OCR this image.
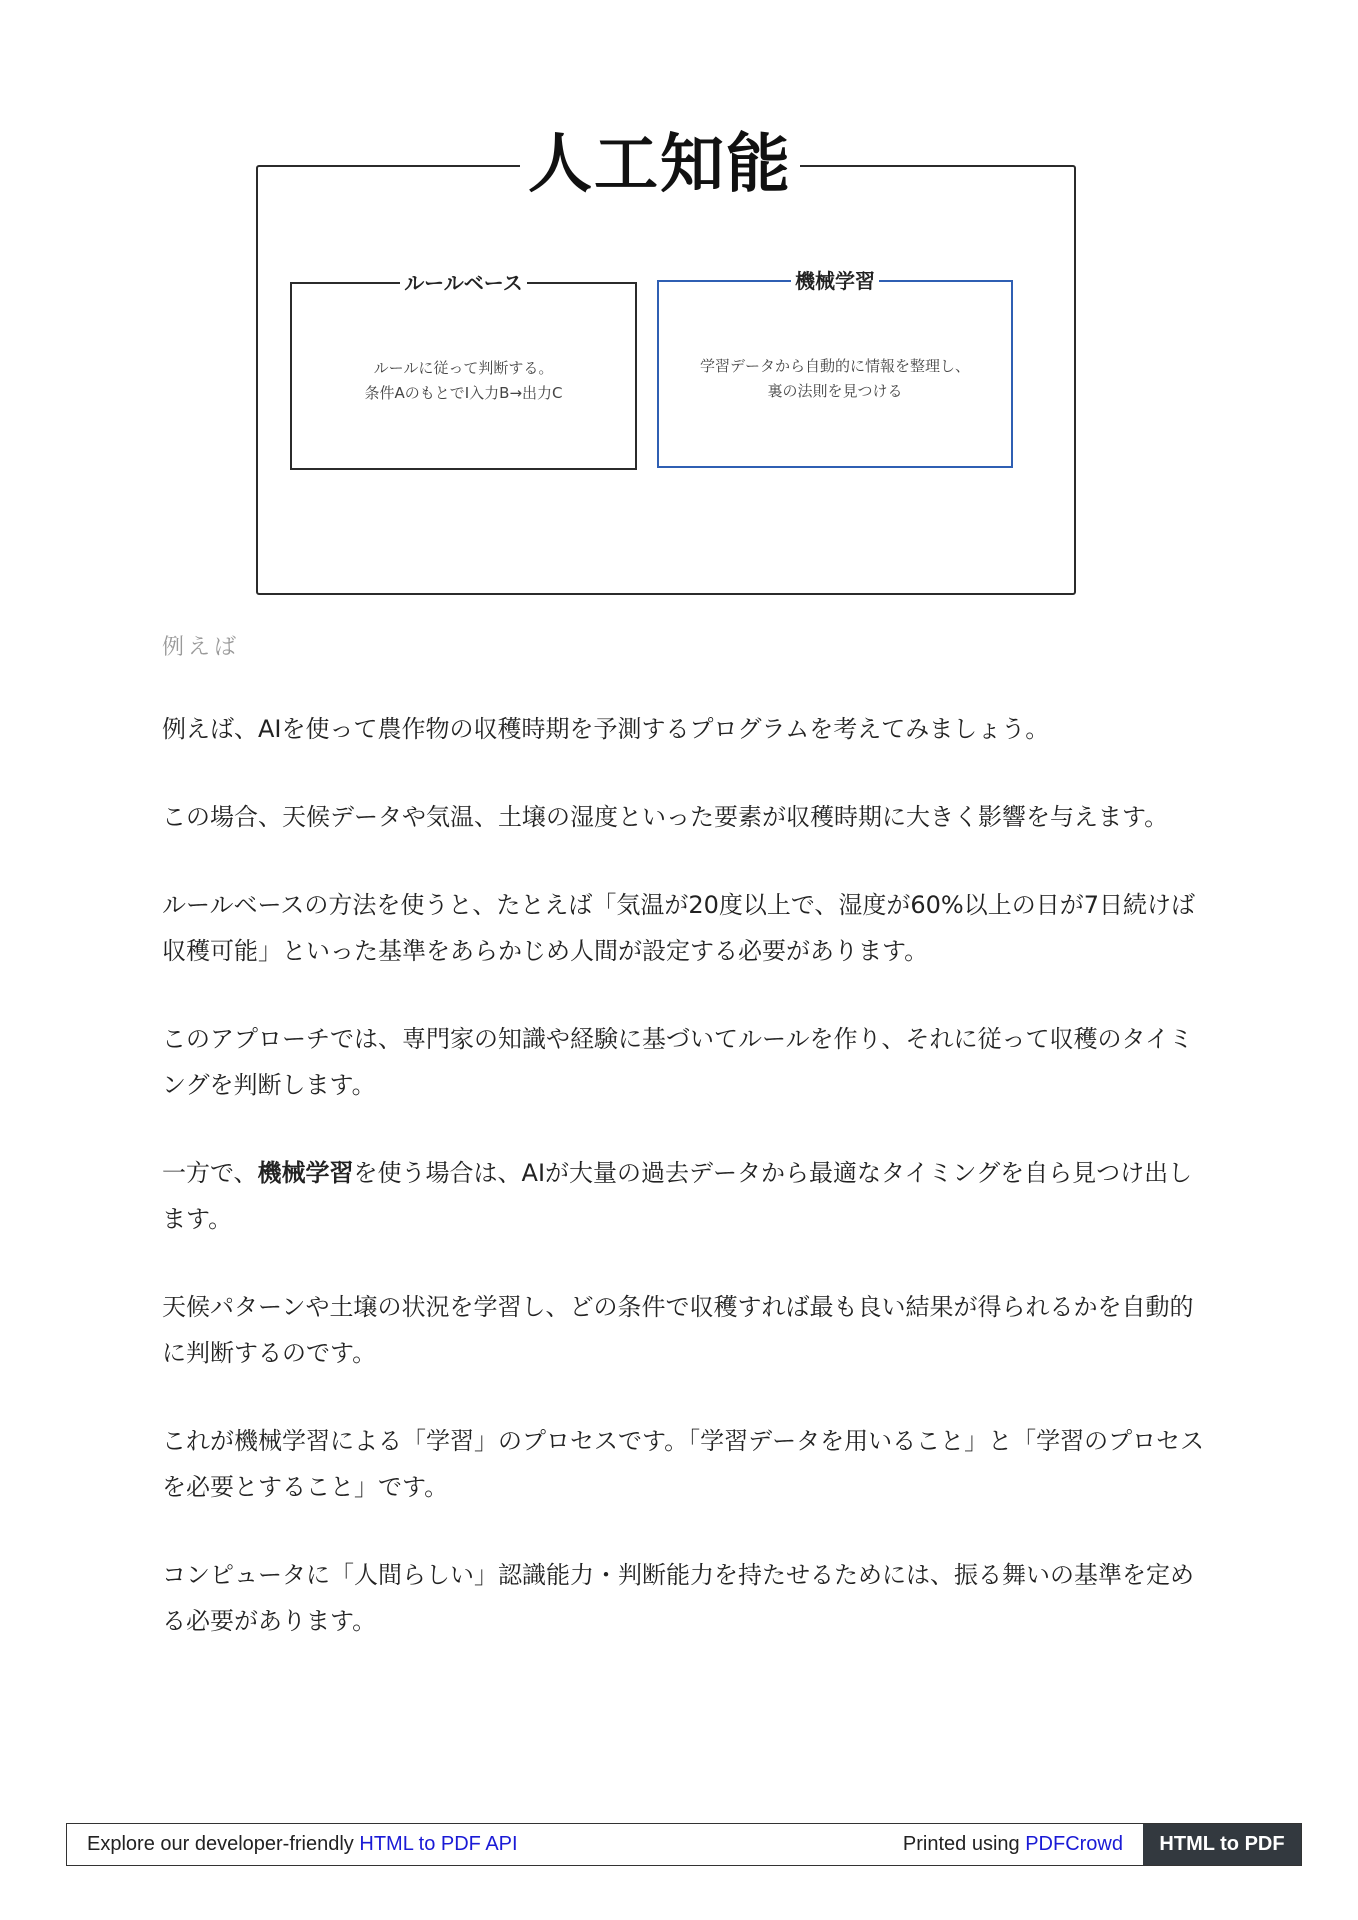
人工知能
ルールベース
ルールに従って判断する。
条件AのもとでI入力B→出力C
機械学習
学習データから自動的に情報を整理し、
裏の法則を見つける
例えば

例えば、AIを使って農作物の収穫時期を予測するプログラムを考えてみましょう。

この場合、天候データや気温、土壌の湿度といった要素が収穫時期に大きく影響を与えます。

ルールベースの方法を使うと、たとえば「気温が20度以上で、湿度が60%以上の日が7日続けば収穫可能」といった基準をあらかじめ人間が設定する必要があります。

このアプローチでは、専門家の知識や経験に基づいてルールを作り、それに従って収穫のタイミングを判断します。

一方で、機械学習を使う場合は、AIが大量の過去データから最適なタイミングを自ら見つけ出します。

天候パターンや土壌の状況を学習し、どの条件で収穫すれば最も良い結果が得られるかを自動的に判断するのです。

これが機械学習による「学習」のプロセスです。「学習データを用いること」と「学習のプロセスを必要とすること」です。

コンピュータに「人間らしい」認識能力・判断能力を持たせるためには、振る舞いの基準を定める必要があります。

Explore our developer-friendly HTML to PDF API	Printed using PDFCrowd	HTML to PDF
